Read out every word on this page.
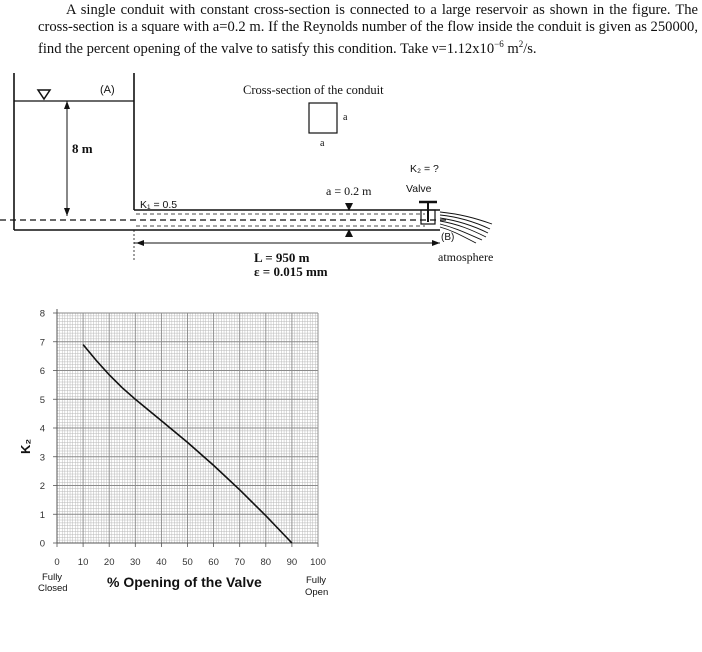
A single conduit with constant cross-section is connected to a large reservoir as shown in the figure. The cross-section is a square with a=0.2 m. If the Reynolds number of the flow inside the conduit is given as 250000, find the percent opening of the valve to satisfy this condition. Take $\nu=1.12x10^{-6}$ $m^2/s$.
(A)
8 m
Cross-section of the conduit
a
a
K₁ = 0.5
K₂ = ?
Valve
a = 0.2 m
(B)
atmosphere
L = 950 m
ε = 0.015 mm
0
1
2
3
4
5
6
7
8
0 10 20 30 40 50 60 70 80 90 100
% Opening of the Valve
K₂
Fully
Closed
Fully
Open
